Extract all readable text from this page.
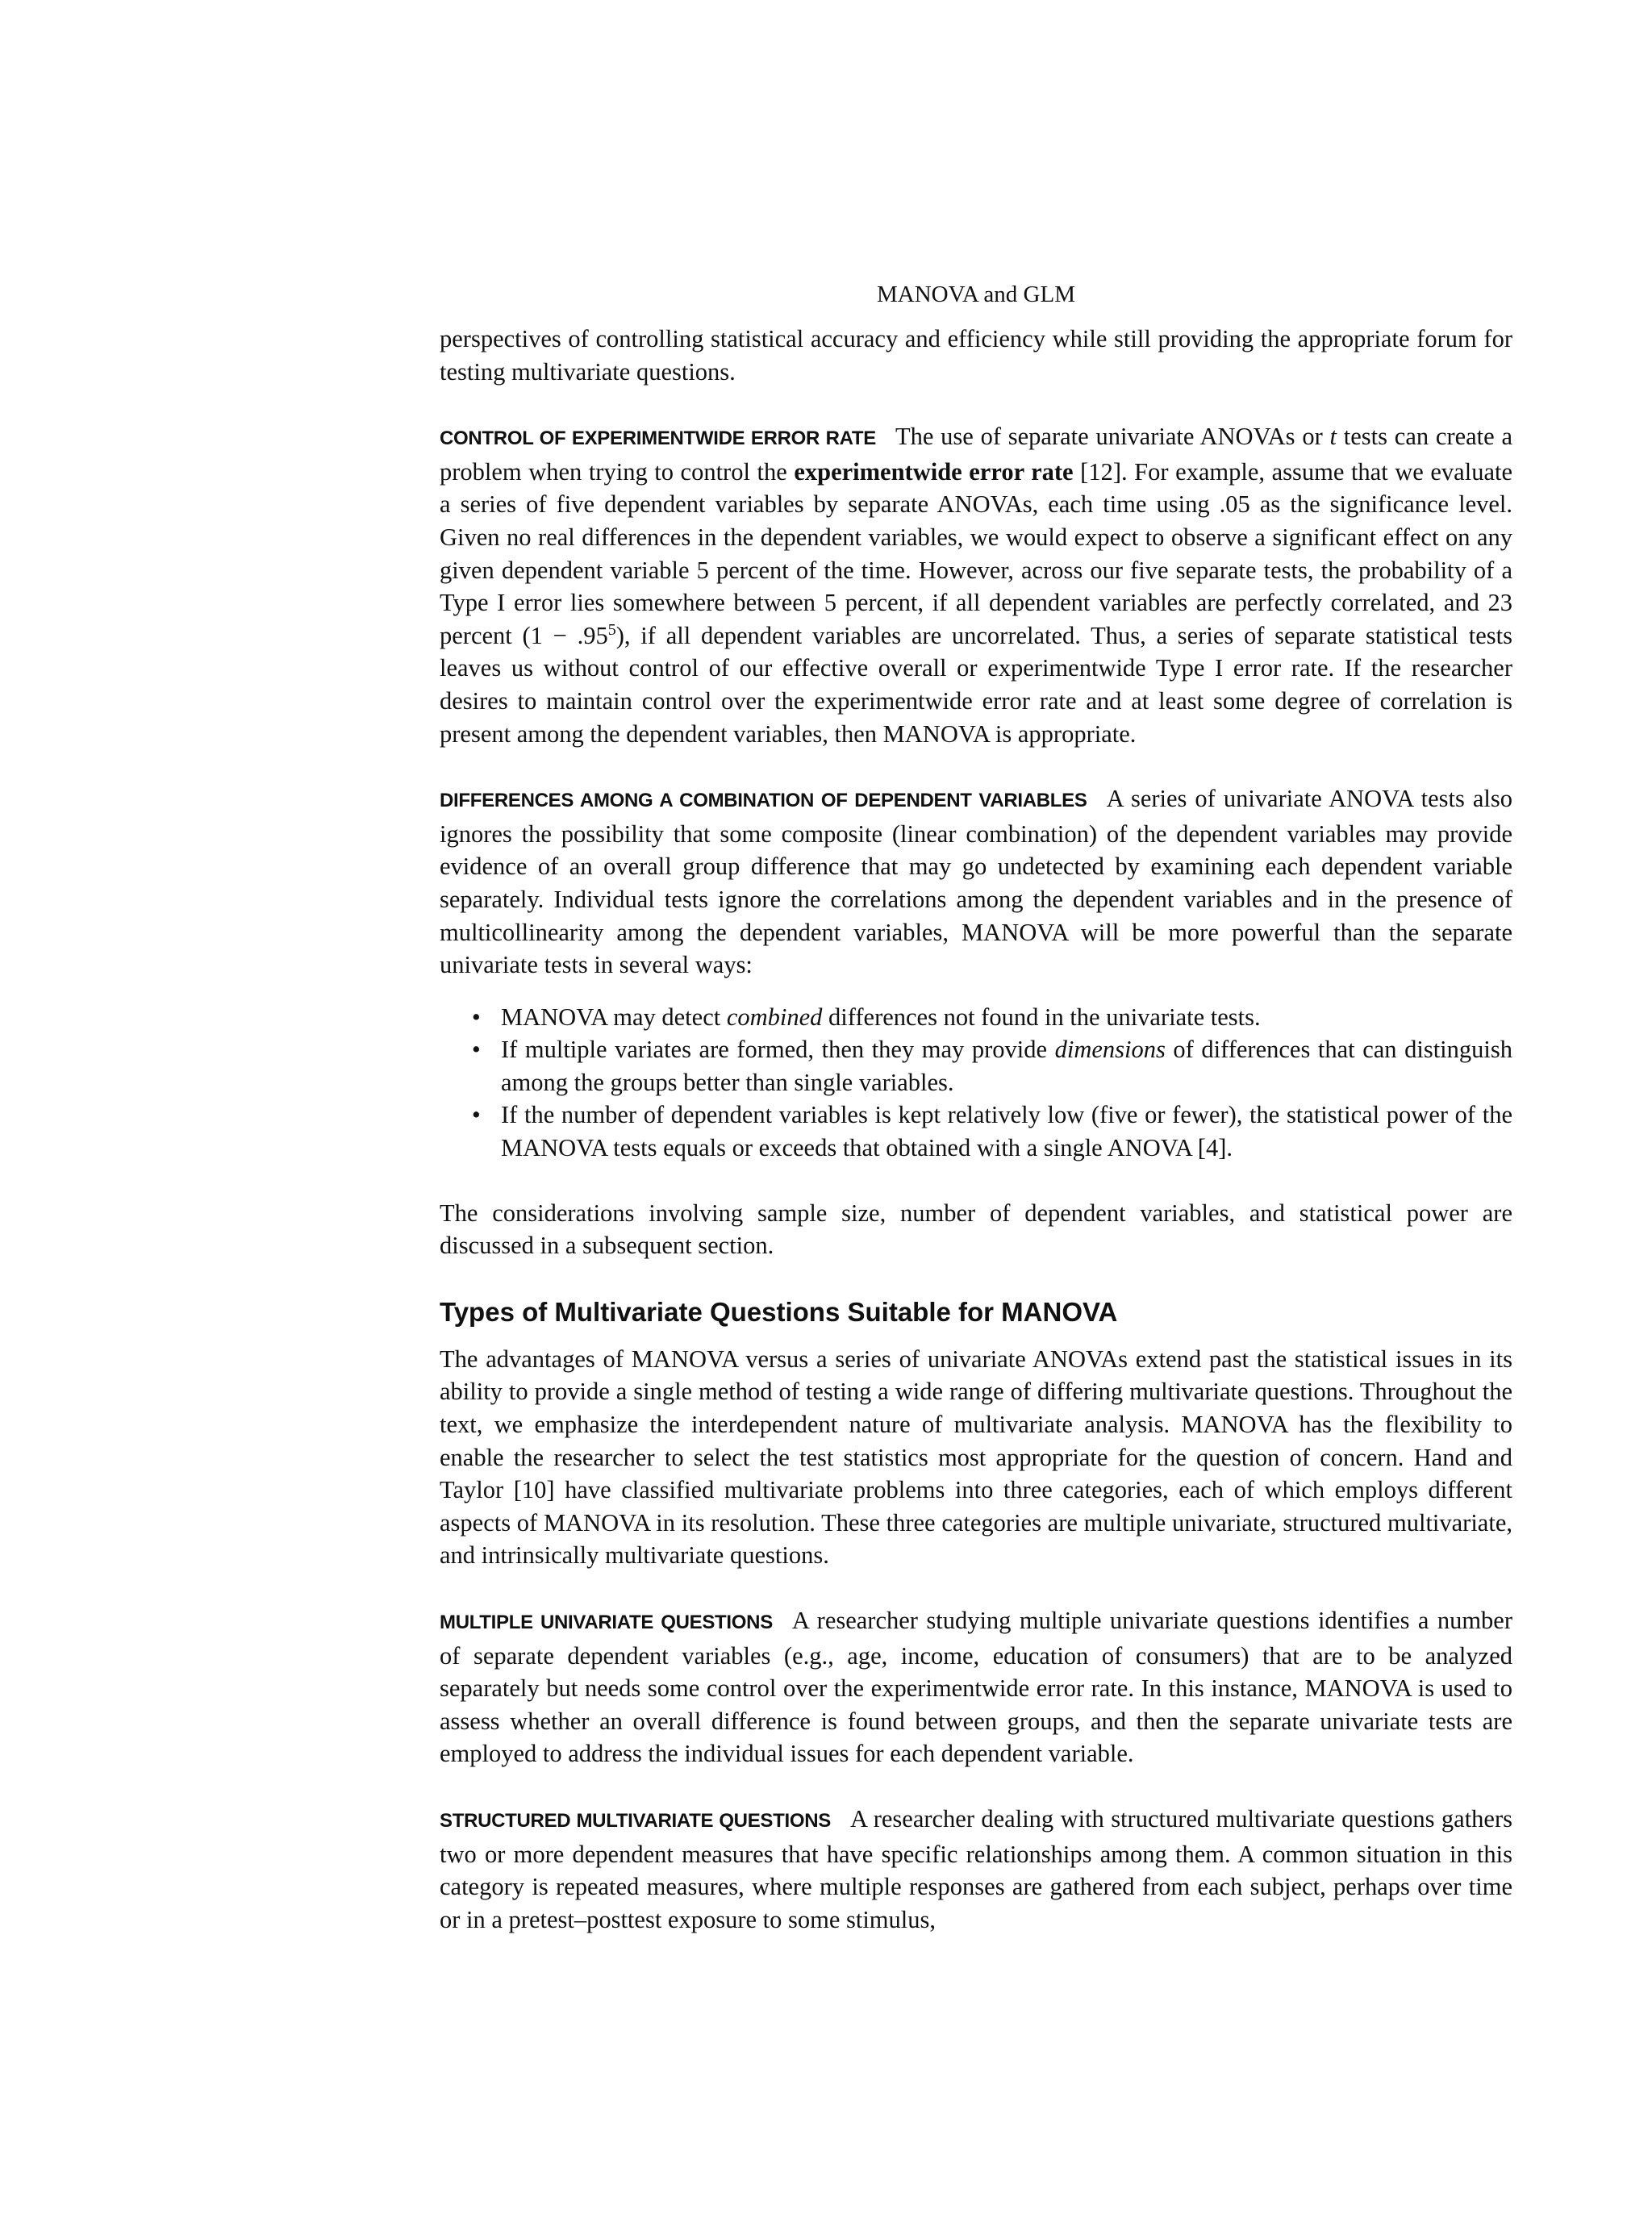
MANOVA and GLM

perspectives of controlling statistical accuracy and efficiency while still providing the appropriate forum for testing multivariate questions.

CONTROL OF EXPERIMENTWIDE ERROR RATE The use of separate univariate ANOVAs or t tests can create a problem when trying to control the experimentwide error rate [12]. For example, assume that we evaluate a series of five dependent variables by separate ANOVAs, each time using .05 as the significance level. Given no real differences in the dependent variables, we would expect to observe a significant effect on any given dependent variable 5 percent of the time. However, across our five separate tests, the probability of a Type I error lies somewhere between 5 percent, if all dependent variables are perfectly correlated, and 23 percent $(1 - .95^5)$, if all dependent variables are uncorrelated. Thus, a series of separate statistical tests leaves us without control of our effective overall or experimentwide Type I error rate. If the researcher desires to maintain control over the experimentwide error rate and at least some degree of correlation is present among the dependent variables, then MANOVA is appropriate.

DIFFERENCES AMONG A COMBINATION OF DEPENDENT VARIABLES A series of univariate ANOVA tests also ignores the possibility that some composite (linear combination) of the dependent variables may provide evidence of an overall group difference that may go undetected by examining each dependent variable separately. Individual tests ignore the correlations among the dependent variables and in the presence of multicollinearity among the dependent variables, MANOVA will be more powerful than the separate univariate tests in several ways:

• MANOVA may detect combined differences not found in the univariate tests.
• If multiple variates are formed, then they may provide dimensions of differences that can distinguish among the groups better than single variables.
• If the number of dependent variables is kept relatively low (five or fewer), the statistical power of the MANOVA tests equals or exceeds that obtained with a single ANOVA [4].

The considerations involving sample size, number of dependent variables, and statistical power are discussed in a subsequent section.

Types of Multivariate Questions Suitable for MANOVA

The advantages of MANOVA versus a series of univariate ANOVAs extend past the statistical issues in its ability to provide a single method of testing a wide range of differing multivariate questions. Throughout the text, we emphasize the interdependent nature of multivariate analysis. MANOVA has the flexibility to enable the researcher to select the test statistics most appropriate for the question of concern. Hand and Taylor [10] have classified multivariate problems into three categories, each of which employs different aspects of MANOVA in its resolution. These three categories are multiple univariate, structured multivariate, and intrinsically multivariate questions.

MULTIPLE UNIVARIATE QUESTIONS A researcher studying multiple univariate questions identifies a number of separate dependent variables (e.g., age, income, education of consumers) that are to be analyzed separately but needs some control over the experimentwide error rate. In this instance, MANOVA is used to assess whether an overall difference is found between groups, and then the separate univariate tests are employed to address the individual issues for each dependent variable.

STRUCTURED MULTIVARIATE QUESTIONS A researcher dealing with structured multivariate questions gathers two or more dependent measures that have specific relationships among them. A common situation in this category is repeated measures, where multiple responses are gathered from each subject, perhaps over time or in a pretest–posttest exposure to some stimulus,
